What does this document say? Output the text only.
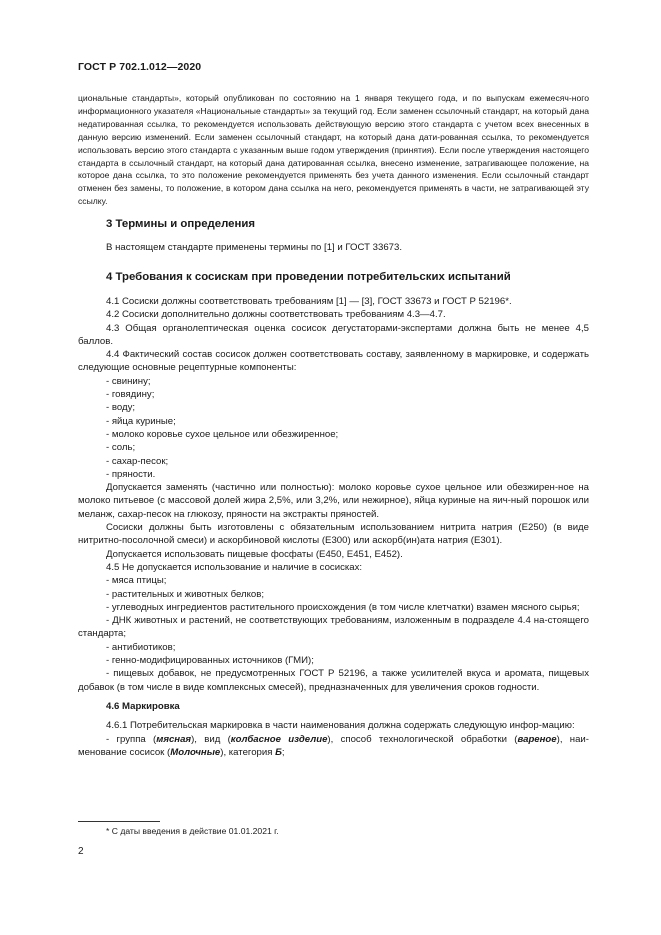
ГОСТ Р 702.1.012—2020
циональные стандарты», который опубликован по состоянию на 1 января текущего года, и по выпускам ежемесяч-ного информационного указателя «Национальные стандарты» за текущий год. Если заменен ссылочный стандарт, на который дана недатированная ссылка, то рекомендуется использовать действующую версию этого стандарта с учетом всех внесенных в данную версию изменений. Если заменен ссылочный стандарт, на который дана дати-рованная ссылка, то рекомендуется использовать версию этого стандарта с указанным выше годом утверждения (принятия). Если после утверждения настоящего стандарта в ссылочный стандарт, на который дана датированная ссылка, внесено изменение, затрагивающее положение, на которое дана ссылка, то это положение рекомендуется применять без учета данного изменения. Если ссылочный стандарт отменен без замены, то положение, в котором дана ссылка на него, рекомендуется применять в части, не затрагивающей эту ссылку.
3 Термины и определения

В настоящем стандарте применены термины по [1] и ГОСТ 33673.

4 Требования к сосискам при проведении потребительских испытаний

4.1 Сосиски должны соответствовать требованиям [1] — [3], ГОСТ 33673 и ГОСТ Р 52196*.

4.2 Сосиски дополнительно должны соответствовать требованиям 4.3—4.7.

4.3 Общая органолептическая оценка сосисок дегустаторами-экспертами должна быть не менее 4,5 баллов.

4.4 Фактический состав сосисок должен соответствовать составу, заявленному в маркировке, и содержать следующие основные рецептурные компоненты:

- свинину;

- говядину;

- воду;

- яйца куриные;

- молоко коровье сухое цельное или обезжиренное;

- соль;

- сахар-песок;

- пряности.

Допускается заменять (частично или полностью): молоко коровье сухое цельное или обезжирен-ное на молоко питьевое (с массовой долей жира 2,5%, или 3,2%, или нежирное), яйца куриные на яич-ный порошок или меланж, сахар-песок на глюкозу, пряности на экстракты пряностей.

Сосиски должны быть изготовлены с обязательным использованием нитрита натрия (Е250) (в виде нитритно-посолочной смеси) и аскорбиновой кислоты (Е300) или аскорб(ин)ата натрия (Е301).

Допускается использовать пищевые фосфаты (Е450, Е451, Е452).

4.5 Не допускается использование и наличие в сосисках:

- мяса птицы;

- растительных и животных белков;

- углеводных ингредиентов растительного происхождения (в том числе клетчатки) взамен мясного сырья;

- ДНК животных и растений, не соответствующих требованиям, изложенным в подразделе 4.4 на-стоящего стандарта;

- антибиотиков;

- генно-модифицированных источников (ГМИ);

- пищевых добавок, не предусмотренных ГОСТ Р 52196, а также усилителей вкуса и аромата, пищевых добавок (в том числе в виде комплексных смесей), предназначенных для увеличения сроков годности.

4.6 Маркировка

4.6.1 Потребительская маркировка в части наименования должна содержать следующую инфор-мацию:

- группа (мясная), вид (колбасное изделие), способ технологической обработки (вареное), наи-менование сосисок (Молочные), категория Б;

* С даты введения в действие 01.01.2021 г.
2
